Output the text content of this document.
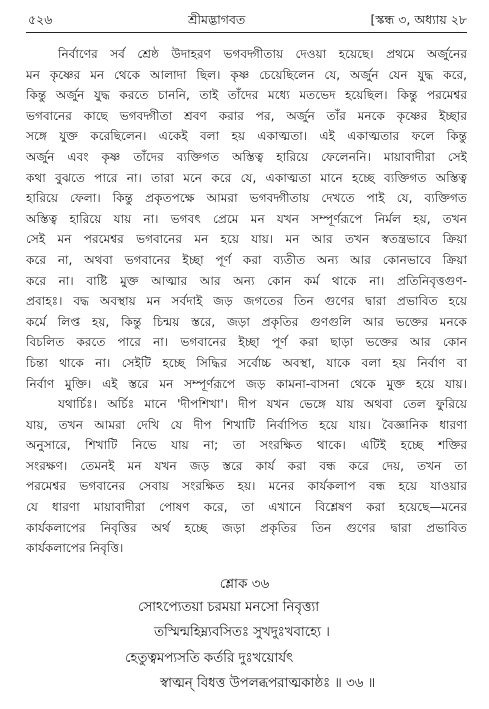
৫২৬	শ্রীমদ্ভাগবত	[স্কন্ধ ৩, অধ্যায় ২৮
নির্বাণের সর্ব শ্রেষ্ঠ উদাহরণ ভগবদ্গীতায় দেওয়া হয়েছে। প্রথমে অর্জুনের
মন কৃষ্ণের মন থেকে আলাদা ছিল। কৃষ্ণ চেয়েছিলেন যে, অর্জুন যেন যুদ্ধ করে,
কিন্তু অর্জুন যুদ্ধ করতে চাননি, তাই তাঁদের মধ্যে মতভেদ হয়েছিল। কিন্তু পরমেশ্বর
ভগবানের কাছে ভগবদ্গীতা শ্রবণ করার পর, অর্জুন তাঁর মনকে কৃষ্ণের ইচ্ছার
সঙ্গে যুক্ত করেছিলেন। একেই বলা হয় একাত্মতা। এই একাত্মতার ফলে কিন্তু
অর্জুন এবং কৃষ্ণ তাঁদের ব্যক্তিগত অস্তিত্ব হারিয়ে ফেলেননি। মায়াবাদীরা সেই
কথা বুঝতে পারে না। তারা মনে করে যে, একাত্মতা মানে হচ্ছে ব্যক্তিগত অস্তিত্ব
হারিয়ে ফেলা। কিন্তু প্রকৃতপক্ষে আমরা ভগবদ্গীতায় দেখতে পাই যে, ব্যক্তিগত
অস্তিত্ব হারিয়ে যায় না। ভগবৎ প্রেমে মন যখন সম্পূর্ণরূপে নির্মল হয়, তখন
সেই মন পরমেশ্বর ভগবানের মন হয়ে যায়। মন আর তখন স্বতন্ত্রভাবে ক্রিয়া
করে না, অথবা ভগবানের ইচ্ছা পূর্ণ করা ব্যতীত অন্য আর কোনভাবে ক্রিয়া
করে না। বাষ্টি মুক্ত আত্মার আর অন্য কোন কর্ম থাকে না। প্রতিনিবৃত্তগুণ-
প্রবাহঃ। বদ্ধ অবস্থায় মন সর্বদাই জড় জগতের তিন গুণের দ্বারা প্রভাবিত হয়ে
কর্মে লিপ্ত হয়, কিন্তু চিন্ময় স্তরে, জড়া প্রকৃতির গুণগুলি আর ভক্তের মনকে
বিচলিত করতে পারে না। ভগবানের ইচ্ছা পূর্ণ করা ছাড়া ভক্তের আর কোন
চিন্তা থাকে না। সেইটি হচ্ছে সিদ্ধির সর্বোচ্চ অবস্থা, যাকে বলা হয় নির্বাণ বা
নির্বাণ মুক্তি। এই স্তরে মন সম্পূর্ণরূপে জড় কামনা-বাসনা থেকে মুক্ত হয়ে যায়।
যথার্চিঃ। অর্চিঃ মানে 'দীপশিখা'। দীপ যখন ভেঙ্গে যায় অথবা তেল ফুরিয়ে
যায়, তখন আমরা দেখি যে দীপ শিখাটি নির্বাপিত হয়ে যায়। বৈজ্ঞানিক ধারণা
অনুসারে, শিখাটি নিভে যায় না; তা সংরক্ষিত থাকে। এটিই হচ্ছে শক্তির
সংরক্ষণ। তেমনই মন যখন জড় স্তরে কার্য করা বন্ধ করে দেয়, তখন তা
পরমেশ্বর ভগবানের সেবায় সংরক্ষিত হয়। মনের কার্যকলাপ বন্ধ হয়ে যাওয়ার
যে ধারণা মায়াবাদীরা পোষণ করে, তা এখানে বিশ্লেষণ করা হয়েছে—মনের
কার্যকলাপের নিবৃত্তির অর্থ হচ্ছে জড়া প্রকৃতির তিন গুণের দ্বারা প্রভাবিত
কার্যকলাপের নিবৃত্তি।
শ্লোক ৩৬
সোঽপ্যেতয়া চরময়া মনসো নিবৃত্ত্যা
তস্মিন্মহিম্ন্যবসিতঃ সুখদুঃখবাহ্যে ।
হেতুত্বমপ্যসতি কর্তরি দুঃখয়োর্যৎ
স্বাত্মন্ বিধত্ত উপলব্ধপরাত্মকাষ্ঠঃ ॥ ৩৬ ॥
